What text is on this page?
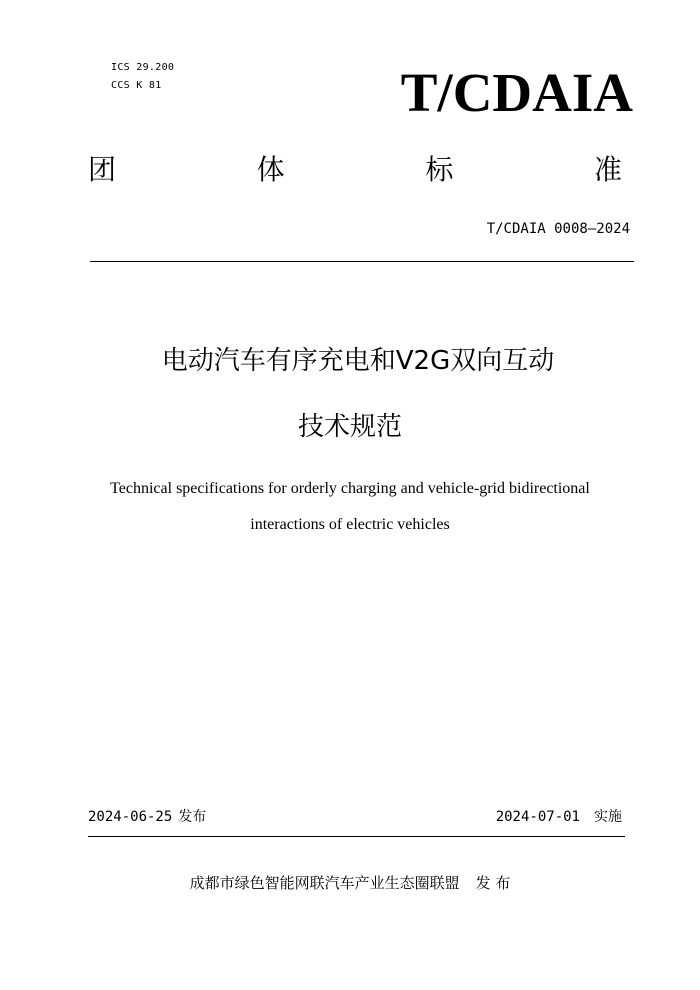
ICS 29.200
CCS K 81	T/CDAIA
团	体	标	准
T/CDAIA 0008—2024
电动汽车有序充电和V2G双向互动
技术规范
Technical specifications for orderly charging and vehicle-grid bidirectional
interactions of electric vehicles
2024-06-25 发布	2024-07-01 实施
成都市绿色智能网联汽车产业生态圈联盟 发 布
